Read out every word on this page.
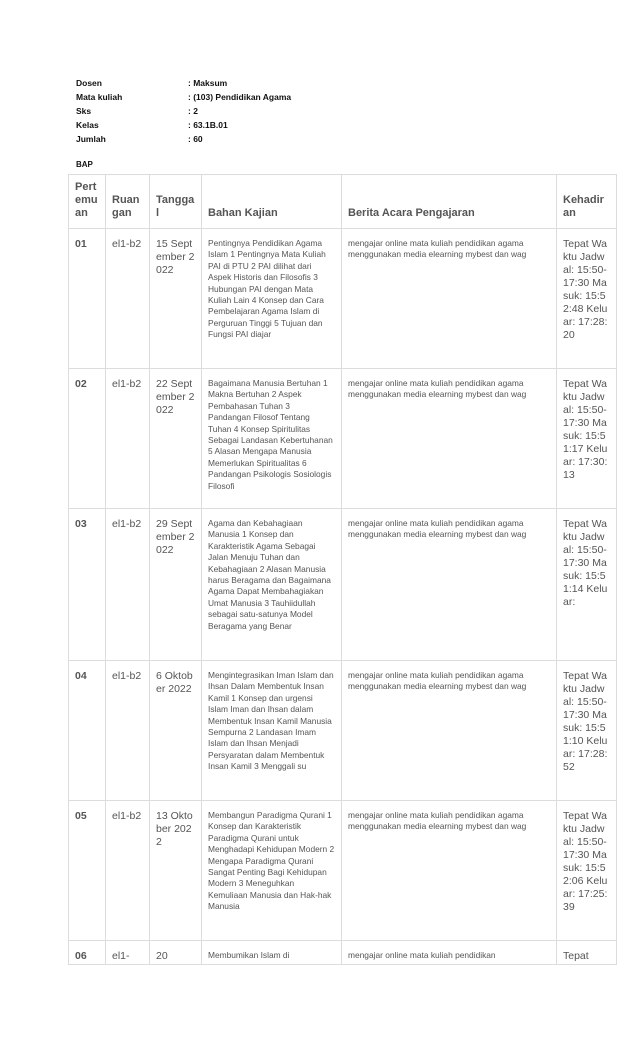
Dosen	: Maksum
Mata kuliah	: (103) Pendidikan Agama
Sks	: 2
Kelas	: 63.1B.01
Jumlah	: 60
BAP
Pertemuan	Ruangan	Tanggal	Bahan Kajian	Berita Acara Pengajaran	Kehadiran
01	el1-b2	15 September 2022	Pentingnya Pendidikan Agama Islam 1 Pentingnya Mata Kuliah PAI di PTU 2 PAI dilihat dari Aspek Historis dan Filosofis 3 Hubungan PAI dengan Mata Kuliah Lain 4 Konsep dan Cara Pembelajaran Agama Islam di Perguruan Tinggi 5 Tujuan dan Fungsi PAI diajar	mengajar online mata kuliah pendidikan agama menggunakan media elearning mybest dan wag	Tepat Waktu Jadwal: 15:50-17:30 Masuk: 15:52:48 Keluar: 17:28:20
02	el1-b2	22 September 2022	Bagaimana Manusia Bertuhan 1 Makna Bertuhan 2 Aspek Pembahasan Tuhan 3 Pandangan Filosof Tentang Tuhan 4 Konsep Spiritulitas Sebagai Landasan Kebertuhanan 5 Alasan Mengapa Manusia Memerlukan Spiritualitas 6 Pandangan Psikologis Sosiologis Filosofi	mengajar online mata kuliah pendidikan agama menggunakan media elearning mybest dan wag	Tepat Waktu Jadwal: 15:50-17:30 Masuk: 15:51:17 Keluar: 17:30:13
03	el1-b2	29 September 2022	Agama dan Kebahagiaan Manusia 1 Konsep dan Karakteristik Agama Sebagai Jalan Menuju Tuhan dan Kebahagiaan 2 Alasan Manusia harus Beragama dan Bagaimana Agama Dapat Membahagiakan Umat Manusia 3 Tauhiidullah sebagai satu-satunya Model Beragama yang Benar	mengajar online mata kuliah pendidikan agama menggunakan media elearning mybest dan wag	Tepat Waktu Jadwal: 15:50-17:30 Masuk: 15:51:14 Keluar:
04	el1-b2	6 Oktober 2022	Mengintegrasikan Iman Islam dan Ihsan Dalam Membentuk Insan Kamil 1 Konsep dan urgensi Islam Iman dan Ihsan dalam Membentuk Insan Kamil Manusia Sempurna 2 Landasan Imam Islam dan Ihsan Menjadi Persyaratan dalam Membentuk Insan Kamil 3 Menggali su	mengajar online mata kuliah pendidikan agama menggunakan media elearning mybest dan wag	Tepat Waktu Jadwal: 15:50-17:30 Masuk: 15:51:10 Keluar: 17:28:52
05	el1-b2	13 Oktober 2022	Membangun Paradigma Qurani 1 Konsep dan Karakteristik Paradigma Qurani untuk Menghadapi Kehidupan Modern 2 Mengapa Paradigma Qurani Sangat Penting Bagi Kehidupan Modern 3 Meneguhkan Kemuliaan Manusia dan Hak-hak Manusia	mengajar online mata kuliah pendidikan agama menggunakan media elearning mybest dan wag	Tepat Waktu Jadwal: 15:50-17:30 Masuk: 15:52:06 Keluar: 17:25:39
06	el1-	20	Membumikan Islam di	mengajar online mata kuliah pendidikan	Tepat
